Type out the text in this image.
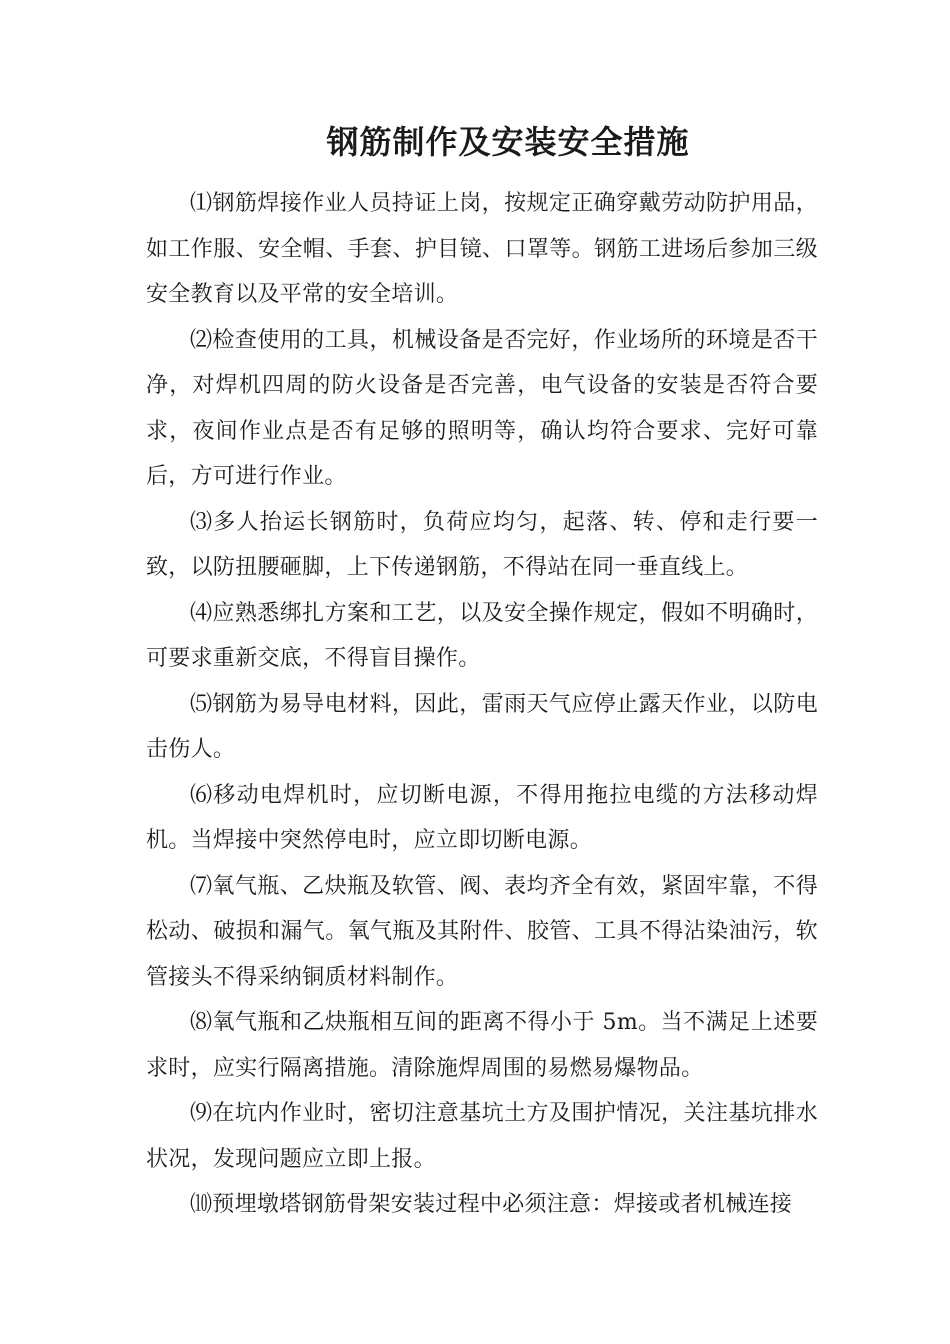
钢筋制作及安装安全措施

⑴钢筋焊接作业人员持证上岗，按规定正确穿戴劳动防护用品，如工作服、安全帽、手套、护目镜、口罩等。钢筋工进场后参加三级安全教育以及平常的安全培训。

⑵检查使用的工具，机械设备是否完好，作业场所的环境是否干净，对焊机四周的防火设备是否完善，电气设备的安装是否符合要求，夜间作业点是否有足够的照明等，确认均符合要求、完好可靠后，方可进行作业。

⑶多人抬运长钢筋时，负荷应均匀，起落、转、停和走行要一致，以防扭腰砸脚，上下传递钢筋，不得站在同一垂直线上。

⑷应熟悉绑扎方案和工艺，以及安全操作规定，假如不明确时，可要求重新交底，不得盲目操作。

⑸钢筋为易导电材料，因此，雷雨天气应停止露天作业，以防电击伤人。

⑹移动电焊机时，应切断电源，不得用拖拉电缆的方法移动焊机。当焊接中突然停电时，应立即切断电源。

⑺氧气瓶、乙炔瓶及软管、阀、表均齐全有效，紧固牢靠，不得松动、破损和漏气。氧气瓶及其附件、胶管、工具不得沾染油污，软管接头不得采纳铜质材料制作。

⑻氧气瓶和乙炔瓶相互间的距离不得小于 5m。当不满足上述要求时，应实行隔离措施。清除施焊周围的易燃易爆物品。

⑼在坑内作业时，密切注意基坑土方及围护情况，关注基坑排水状况，发现问题应立即上报。

⑽预埋墩塔钢筋骨架安装过程中必须注意：焊接或者机械连接
